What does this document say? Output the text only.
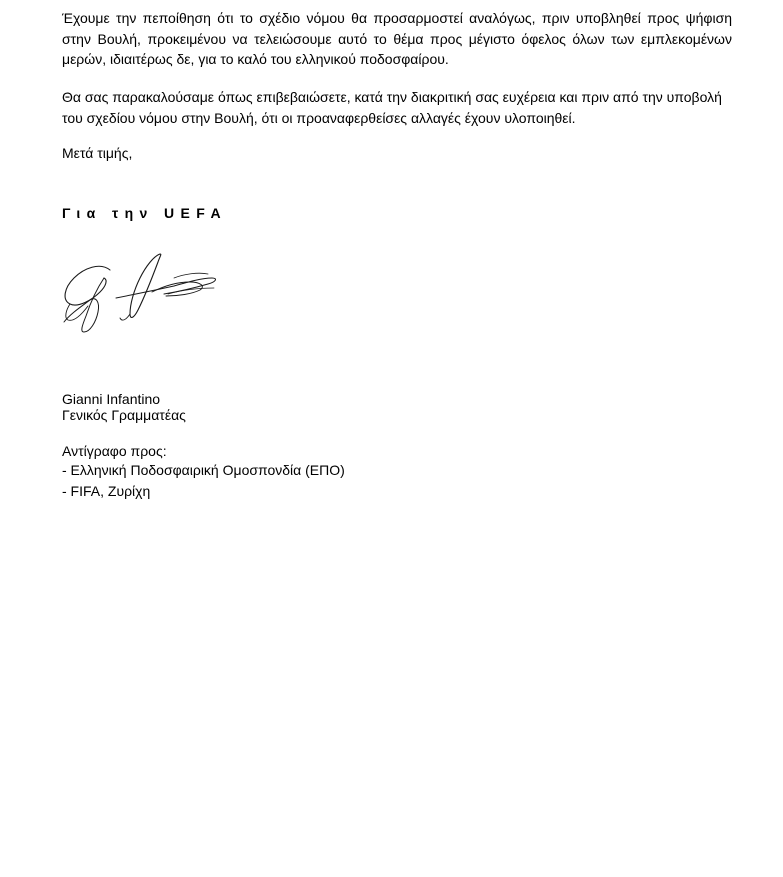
Έχουμε την πεποίθηση ότι το σχέδιο νόμου θα προσαρμοστεί αναλόγως, πριν υποβληθεί προς ψήφιση στην Βουλή, προκειμένου να τελειώσουμε αυτό το θέμα προς μέγιστο όφελος όλων των εμπλεκομένων μερών, ιδιαιτέρως δε, για το καλό του ελληνικού ποδοσφαίρου.

Θα σας παρακαλούσαμε όπως επιβεβαιώσετε, κατά την διακριτική σας ευχέρεια και πριν από την υποβολή του σχεδίου νόμου στην Βουλή, ότι οι προαναφερθείσες αλλαγές έχουν υλοποιηθεί.

Μετά τιμής,

Για την UEFA

Gianni Infantino

Γενικός Γραμματέας

Αντίγραφο προς:

- Ελληνική Ποδοσφαιρική Ομοσπονδία (ΕΠΟ)

- FIFA, Ζυρίχη
